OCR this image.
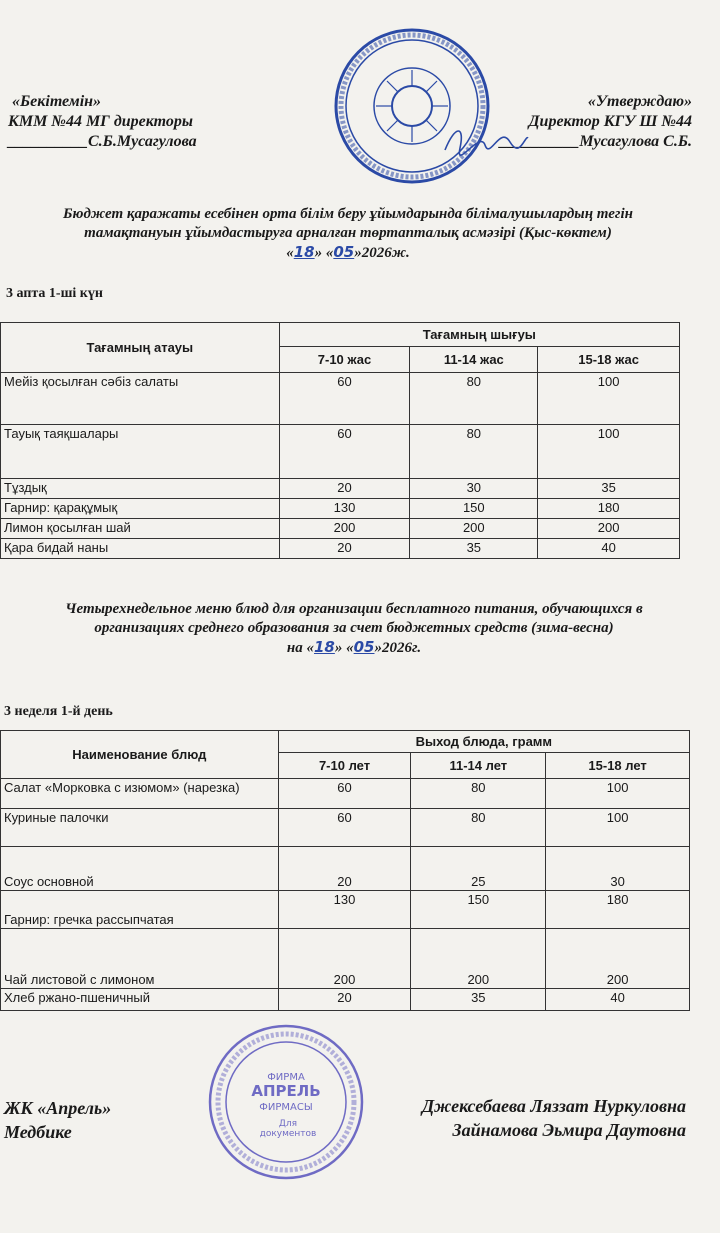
«Бекітемін»
КММ №44 МГ директоры
__________С.Б.Мусагулова
«Утверждаю»
Директор КГУ Ш №44
__________Мусагулова С.Б.
Бюджет қаражаты есебінен орта білім беру ұйымдарында білімалушылардың тегін
тамақтануын ұйымдастыруға арналған төртапталық асмәзірі (Қыс-көктем)
«18» «05»2026ж.
3 апта 1-ші күн
Тағамның атауы	Тағамның шығуы		
	7-10 жас	11-14 жас	15-18 жас
Мейіз қосылған сәбіз салаты	60	80	100
Тауық таяқшалары	60	80	100
Тұздық	20	30	35
Гарнир: қарақұмық	130	150	180
Лимон қосылған шай	200	200	200
Қара бидай наны	20	35	40
Четырехнедельное меню блюд для организации бесплатного питания, обучающихся в
организациях среднего образования за счет бюджетных средств (зима-весна)
на «18» «05»2026г.
3 неделя 1-й день
Наименование блюд	Выход блюда, грамм		
	7-10 лет	11-14 лет	15-18 лет
Салат «Морковка с изюмом» (нарезка)	60	80	100
Куриные палочки	60	80	100
Соус основной	20	25	30
Гарнир: гречка рассыпчатая	130	150	180
Чай листовой с лимоном	200	200	200
Хлеб ржано-пшеничный	20	35	40
ФИРМА
АПРЕЛЬ
ФИРМАСЫ
Для
документов
ЖК «Апрель»
Медбике
Джексебаева Ляззат Нуркуловна
Зайнамова Эьмира Даутовна
